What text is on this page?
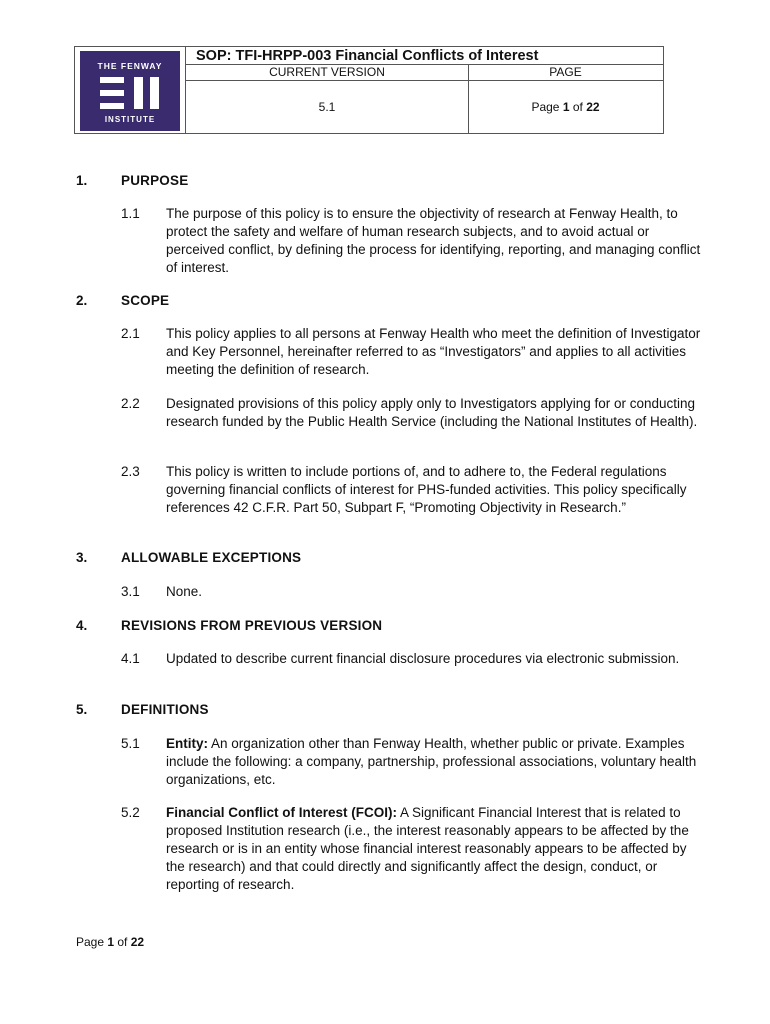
THE FENWAY
INSTITUTE
SOP: TFI-HRPP-003 Financial Conflicts of Interest
CURRENT VERSION	PAGE
5.1	Page 1 of 22
1. PURPOSE
1.1 The purpose of this policy is to ensure the objectivity of research at Fenway Health, to protect the safety and welfare of human research subjects, and to avoid actual or perceived conflict, by defining the process for identifying, reporting, and managing conflict of interest.
2. SCOPE
2.1 This policy applies to all persons at Fenway Health who meet the definition of Investigator and Key Personnel, hereinafter referred to as “Investigators” and applies to all activities meeting the definition of research.
2.2 Designated provisions of this policy apply only to Investigators applying for or conducting research funded by the Public Health Service (including the National Institutes of Health).
2.3 This policy is written to include portions of, and to adhere to, the Federal regulations governing financial conflicts of interest for PHS-funded activities. This policy specifically references 42 C.F.R. Part 50, Subpart F, “Promoting Objectivity in Research.”
3. ALLOWABLE EXCEPTIONS
3.1 None.
4. REVISIONS FROM PREVIOUS VERSION
4.1 Updated to describe current financial disclosure procedures via electronic submission.
5. DEFINITIONS
5.1 Entity: An organization other than Fenway Health, whether public or private. Examples include the following: a company, partnership, professional associations, voluntary health organizations, etc.
5.2 Financial Conflict of Interest (FCOI): A Significant Financial Interest that is related to proposed Institution research (i.e., the interest reasonably appears to be affected by the research or is in an entity whose financial interest reasonably appears to be affected by the research) and that could directly and significantly affect the design, conduct, or reporting of research.
Page 1 of 22
